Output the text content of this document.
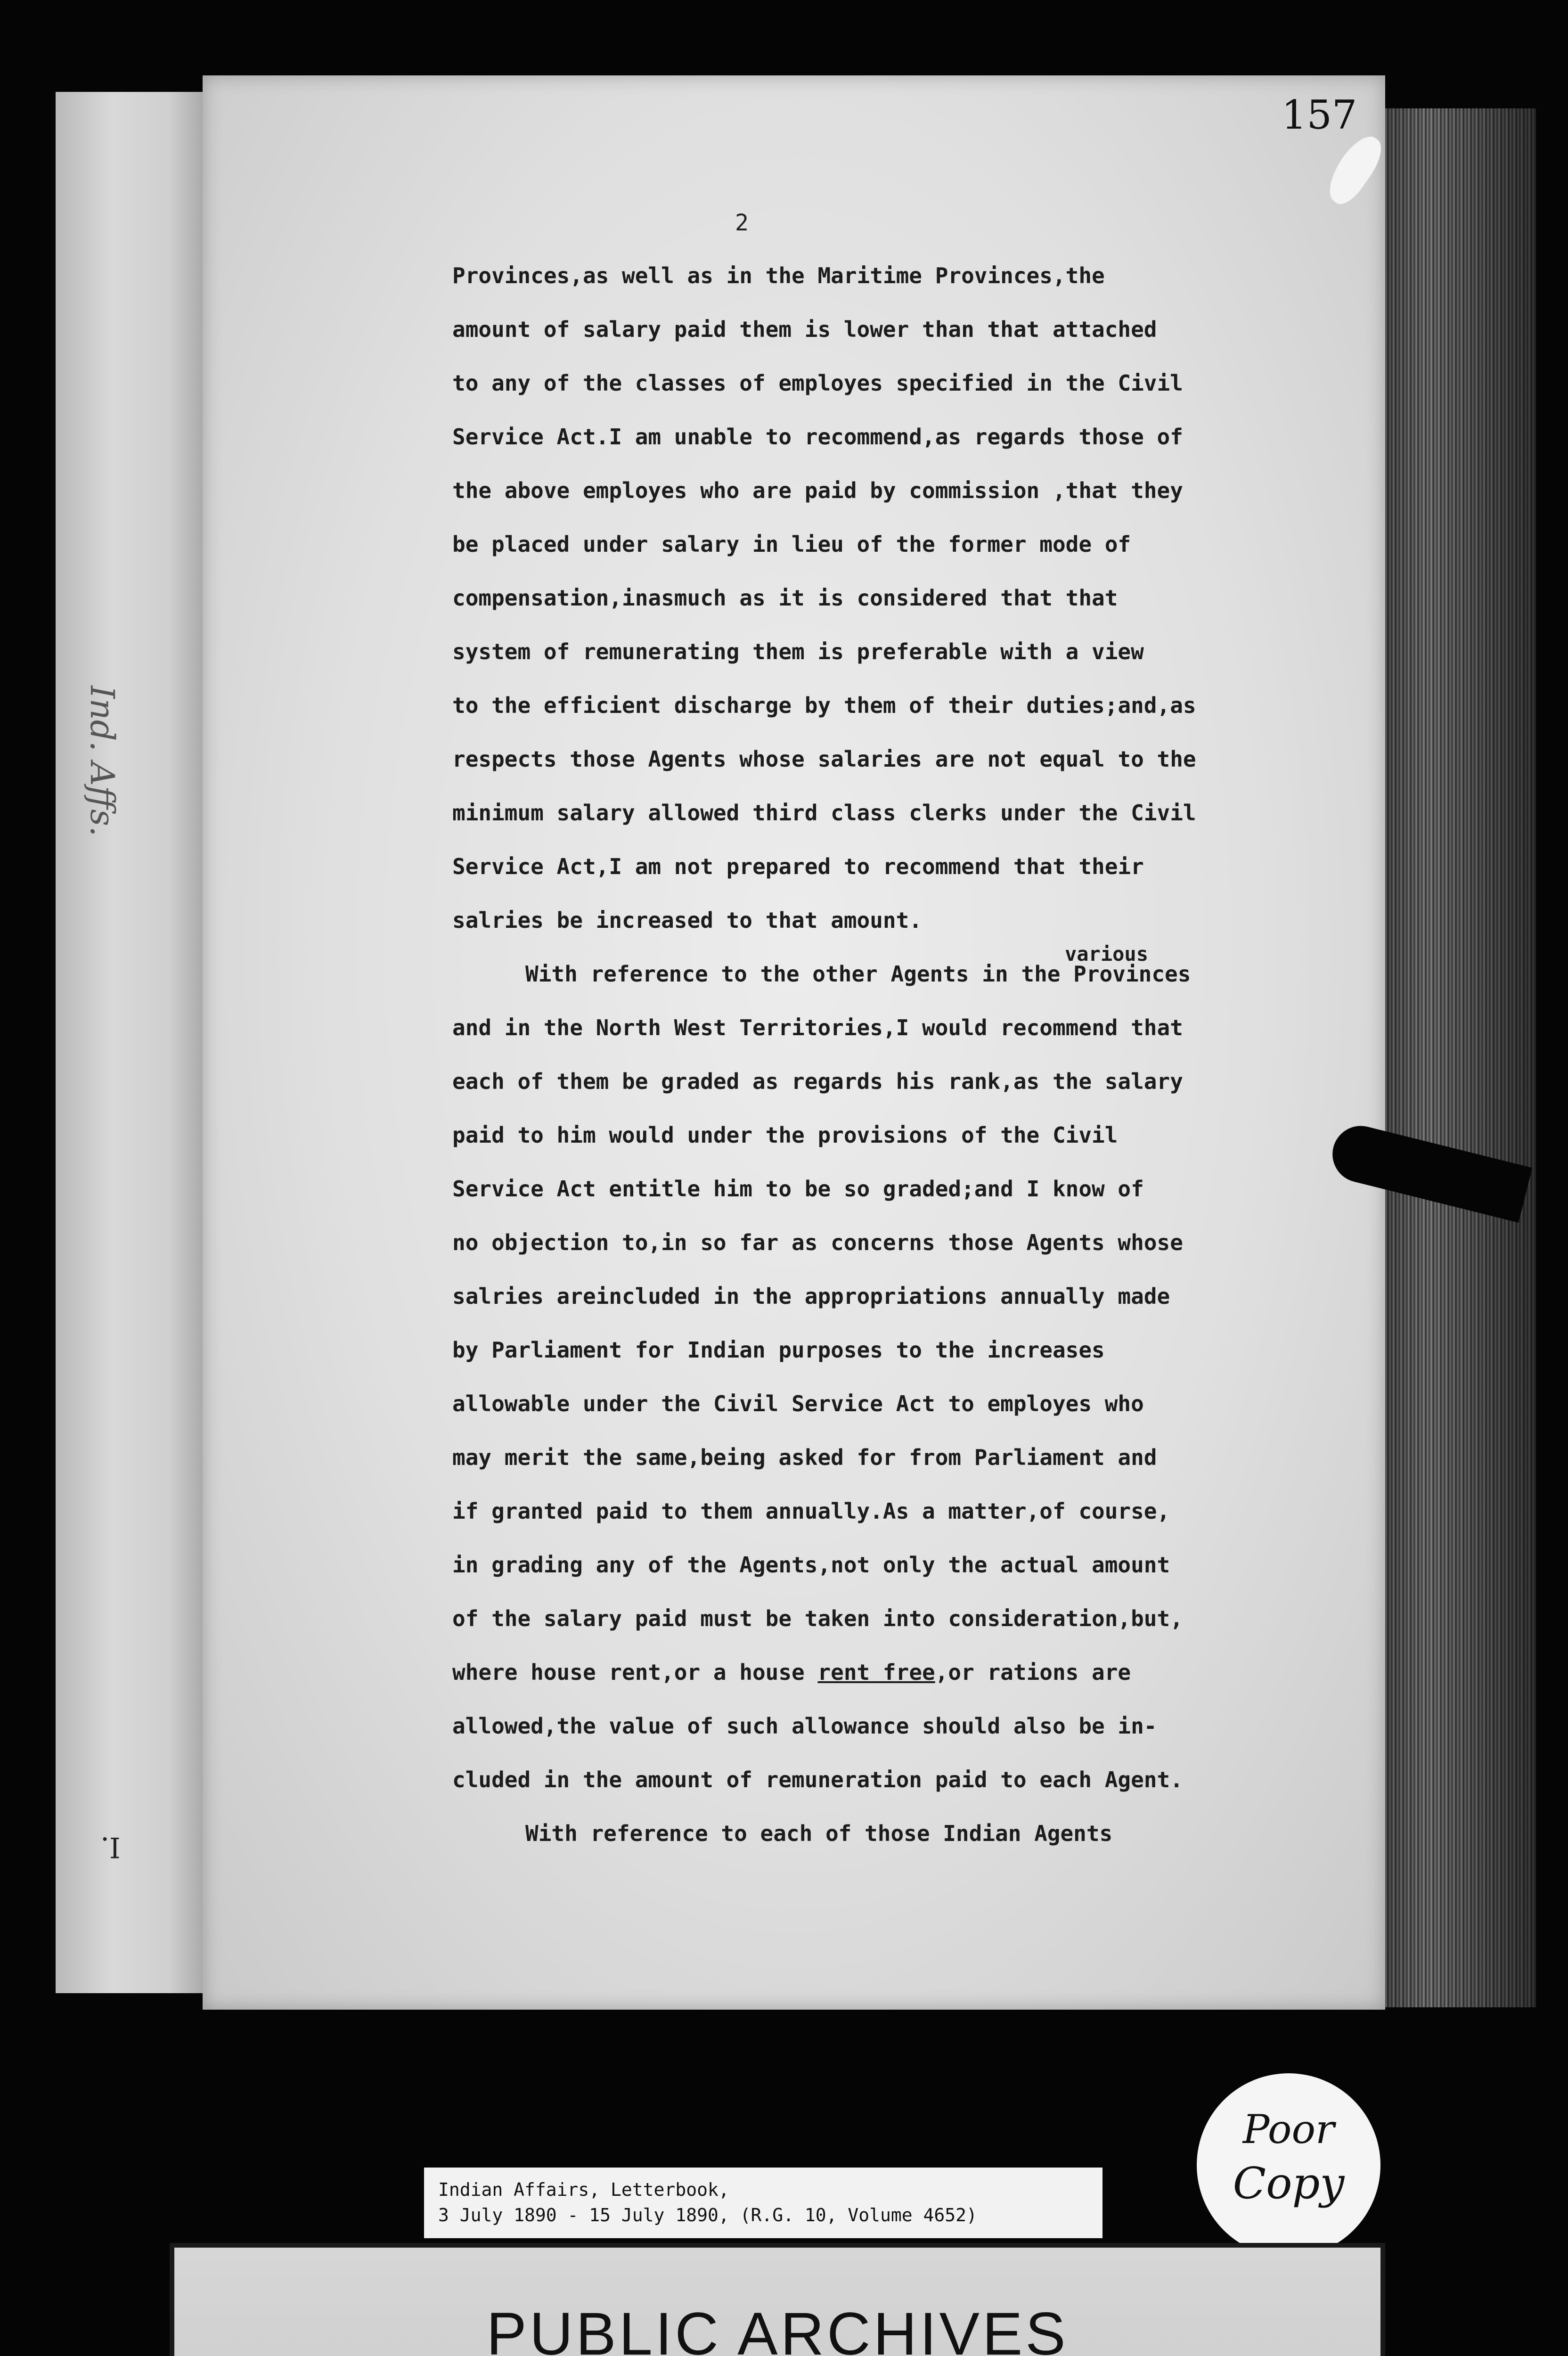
Ind. Affs.
I.
157
2
various
Provinces,as well as in the Maritime Provinces,the
amount of salary paid them is lower than that attached
to any of the classes of employes specified in the Civil
Service Act.I am unable to recommend,as regards those of
the above employes who are paid by commission ,that they
be placed under salary in lieu of the former mode of
compensation,inasmuch as it is considered that that
system of remunerating them is preferable with a view
to the efficient discharge by them of their duties;and,as
respects those Agents whose salaries are not equal to the
minimum salary allowed third class clerks under the Civil
Service Act,I am not prepared to recommend that their
salries be increased to that amount.
With reference to the other Agents in the Provinces
and in the North West Territories,I would recommend that
each of them be graded as regards his rank,as the salary
paid to him would under the provisions of the Civil
Service Act entitle him to be so graded;and I know of
no objection to,in so far as concerns those Agents whose
salries areincluded in the appropriations annually made
by Parliament for Indian purposes to the increases
allowable under the Civil Service Act to employes who
may merit the same,being asked for from Parliament and
if granted paid to them annually.As a matter,of course,
in grading any of the Agents,not only the actual amount
of the salary paid must be taken into consideration,but,
where house rent,or a house rent free,or rations are
allowed,the value of such allowance should also be in-
cluded in the amount of remuneration paid to each Agent.
With reference to each of those Indian Agents
Indian Affairs, Letterbook,
3 July 1890 - 15 July 1890, (R.G. 10, Volume 4652)
Poor
Copy
PUBLIC ARCHIVES
